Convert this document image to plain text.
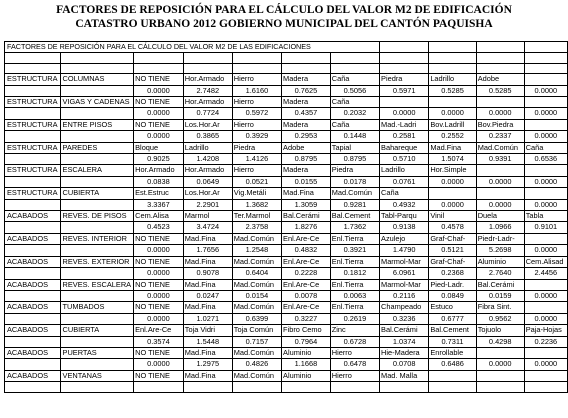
FACTORES DE REPOSICIÓN PARA EL CÁLCULO DEL VALOR M2 DE EDIFICACIÓN
CATASTRO URBANO 2012 GOBIERNO MUNICIPAL DEL CANTÓN PAQUISHA
FACTORES DE REPOSICIÓN PARA EL CÁLCULO DEL VALOR M2 DE LAS EDIFICACIONES										

ESTRUCTURA	COLUMNAS	NO TIENE	Hor.Armado	Hierro	Madera	Caña	Piedra	Ladrillo	Adobe	
		0.0000	2.7482	1.6160	0.7625	0.5056	0.5971	0.5285	0.5285	0.0000
ESTRUCTURA	VIGAS Y CADENAS	NO TIENE	Hor.Armado	Hierro	Madera	Caña				
		0.0000	0.7724	0.5972	0.4357	0.2032	0.0000	0.0000	0.0000	0.0000
ESTRUCTURA	ENTRE PISOS	NO TIENE	Los.Hor.Ar	Hierro	Madera	Caña	Mad.-Ladri	Bov.Ladrill	Bov.Piedra	
		0.0000	0.3865	0.3929	0.2953	0.1448	0.2581	0.2552	0.2337	0.0000
ESTRUCTURA	PAREDES	Bloque	Ladrillo	Piedra	Adobe	Tapial	Bahareque	Mad.Fina	Mad.Común	Caña
		0.9025	1.4208	1.4126	0.8795	0.8795	0.5710	1.5074	0.9391	0.6536
ESTRUCTURA	ESCALERA	Hor.Armado	Hor.Armado	Hierro	Madera	Piedra	Ladrillo	Hor.Simple		
		0.0838	0.0649	0.0521	0.0155	0.0178	0.0761	0.0000	0.0000	0.0000
ESTRUCTURA	CUBIERTA	Est.Estruc	Los.Hor.Ar	Vig.Metáli	Mad.Fina	Mad.Común	Caña			
		3.3367	2.2901	1.3682	1.3059	0.9281	0.4932	0.0000	0.0000	0.0000
ACABADOS	REVES. DE PISOS	Cem.Alisa	Marmol	Ter.Marmol	Bal.Cerámi	Bal.Cement	Tabl-Parqu	Vinil	Duela	Tabla
		0.4523	3.4724	2.3758	1.8276	1.7362	0.9138	0.4578	1.0966	0.9101
ACABADOS	REVES. INTERIOR	NO TIENE	Mad.Fina	Mad.Común	Enl.Are-Ce	Enl.Tierra	Azulejo	Graf-Chaf-	Piedr-Ladr-	
		0.0000	1.7656	1.2548	0.4832	0.3921	1.4790	0.5121	5.2698	0.0000
ACABADOS	REVES. EXTERIOR	NO TIENE	Mad.Fina	Mad.Común	Enl.Are-Ce	Enl.Tierra	Marmol-Mar	Graf-Chaf-	Aluminio	Cem.Alisad
		0.0000	0.9078	0.6404	0.2228	0.1812	6.0961	0.2368	2.7640	2.4456
ACABADOS	REVES. ESCALERA	NO TIENE	Mad.Fina	Mad.Común	Enl.Are-Ce	Enl.Tierra	Marmol-Mar	Pied-Ladr.	Bal.Cerámi	
		0.0000	0.0247	0.0154	0.0078	0.0063	0.2116	0.0849	0.0159	0.0000
ACABADOS	TUMBADOS	NO TIENE	Mad.Fina	Mad.Común	Enl.Are-Ce	Enl.Tierra	Champeado	Estuco	Fibra Sint.	
		0.0000	1.0271	0.6399	0.3227	0.2619	0.3236	0.6777	0.9562	0.0000
ACABADOS	CUBIERTA	Enl.Are-Ce	Toja Vidri	Toja Común	Fibro Cemo	Zinc	Bal.Cerámi	Bal.Cement	Tojuolo	Paja-Hojas
		0.3574	1.5448	0.7157	0.7964	0.6728	1.0374	0.7311	0.4298	0.2236
ACABADOS	PUERTAS	NO TIENE	Mad.Fina	Mad.Común	Aluminio	Hierro	Hie-Madera	Enrollable		
		0.0000	1.2975	0.4826	1.1668	0.6478	0.0708	0.6486	0.0000	0.0000
ACABADOS	VENTANAS	NO TIENE	Mad.Fina	Mad.Común	Aluminio	Hierro	Mad. Malla			
